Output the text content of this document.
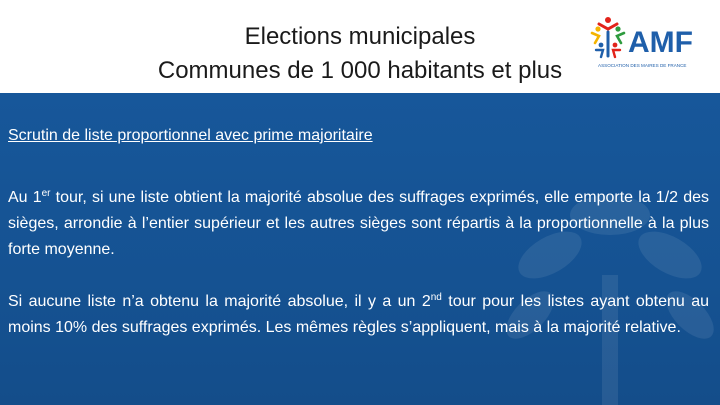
Elections municipales
Communes de 1 000 habitants et plus
AMF
ASSOCIATION DES MAIRES DE FRANCE
Scrutin de liste proportionnel avec prime majoritaire
Au 1er tour, si une liste obtient la majorité absolue des suffrages exprimés, elle emporte la 1/2 des sièges, arrondie à l’entier supérieur et les autres sièges sont répartis à la proportionnelle à la plus forte moyenne.
Si aucune liste n’a obtenu la majorité absolue, il y a un 2nd tour pour les listes ayant obtenu au moins 10% des suffrages exprimés. Les mêmes règles s’appliquent, mais à la majorité relative.
